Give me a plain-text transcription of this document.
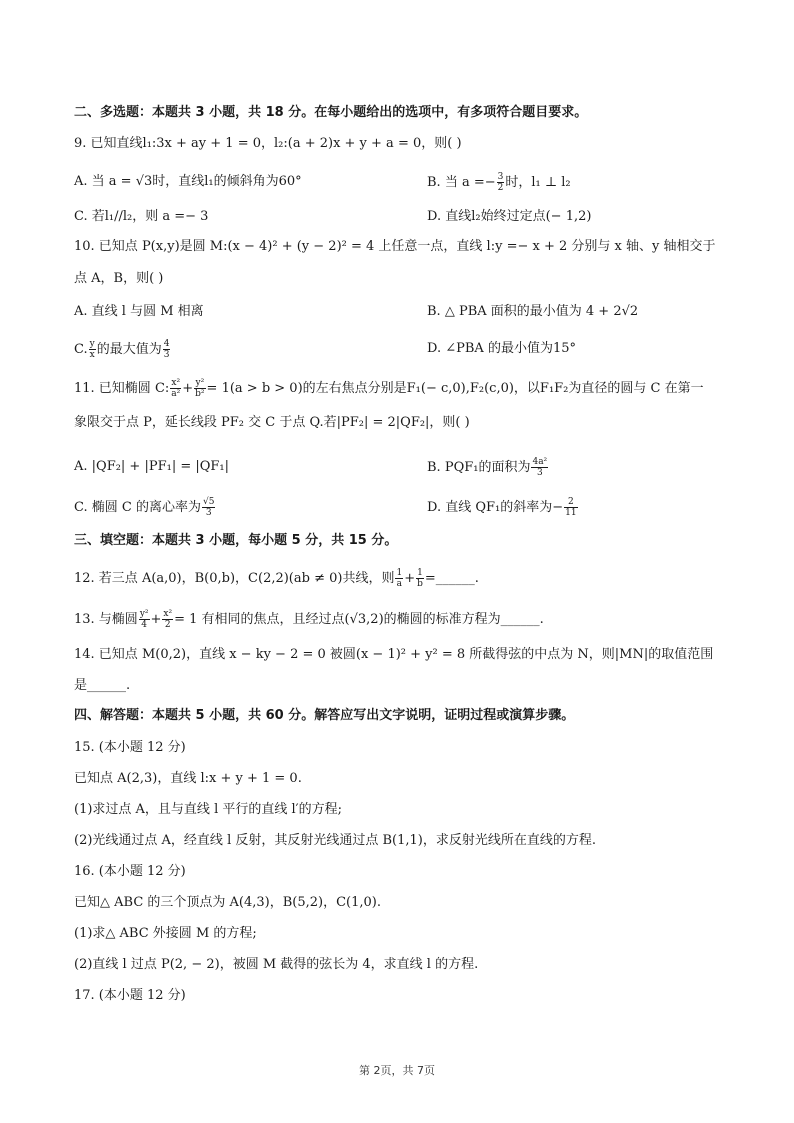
二、多选题：本题共 3 小题，共 18 分。在每小题给出的选项中，有多项符合题目要求。
9. 已知直线l₁:3x + ay + 1 = 0，l₂:(a + 2)x + y + a = 0，则( )
A. 当 a = √3时，直线l₁的倾斜角为60°	B. 当 $a =- \frac{3}{2}$ 时，l₁ ⊥ l₂
C. 若l₁//l₂，则 a =− 3	D. 直线l₂始终过定点(− 1,2)
10. 已知点 P(x,y)是圆 M:(x − 4)² + (y − 2)² = 4 上任意一点，直线 l:y =− x + 2 分别与 x 轴、y 轴相交于
点 A，B，则( )
A. 直线 l 与圆 M 相离	B. △ PBA 面积的最小值为 4 + 2√2
C. $\frac{y}{x}$ 的最大值为 $\frac{4}{3}$	D. ∠PBA 的最小值为15°
11. 已知椭圆 C: $\frac{\text{x²}}{\text{a²}} + \frac{\text{y²}}{\text{b²}} = 1(a > b > 0)$的左右焦点分别是F₁(− c,0),F₂(c,0)，以F₁F₂为直径的圆与 C 在第一
象限交于点 P，延长线段 PF₂ 交 C 于点 Q.若|PF₂| = 2|QF₂|，则( )
A. |QF₂| + |PF₁| = |QF₁|	B. PQF₁的面积为 $\frac{\text{4a²}}{3}$
C. 椭圆 C 的离心率为 $\frac{√5}{3}$	D. 直线 QF₁的斜率为− $\frac{2}{11}$
三、填空题：本题共 3 小题，每小题 5 分，共 15 分。
12. 若三点 A(a,0)，B(0,b)，C(2,2)(ab ≠ 0)共线，则 $\frac{1}{a} + \frac{1}{b}$ =______.
13. 与椭圆 $\frac{\text{y²}}{4} + \frac{\text{x²}}{2} = 1$ 有相同的焦点，且经过点(√3,2)的椭圆的标准方程为______.
14. 已知点 M(0,2)，直线 x − ky − 2 = 0 被圆(x − 1)² + y² = 8 所截得弦的中点为 N，则|MN|的取值范围
是______.
四、解答题：本题共 5 小题，共 60 分。解答应写出文字说明，证明过程或演算步骤。
15. (本小题 12 分)
已知点 A(2,3)，直线 l:x + y + 1 = 0.
(1)求过点 A，且与直线 l 平行的直线 l′的方程;
(2)光线通过点 A，经直线 l 反射，其反射光线通过点 B(1,1)，求反射光线所在直线的方程.
16. (本小题 12 分)
已知△ ABC 的三个顶点为 A(4,3)，B(5,2)，C(1,0).
(1)求△ ABC 外接圆 M 的方程;
(2)直线 l 过点 P(2, − 2)，被圆 M 截得的弦长为 4，求直线 l 的方程.
17. (本小题 12 分)
第 2页，共 7页
